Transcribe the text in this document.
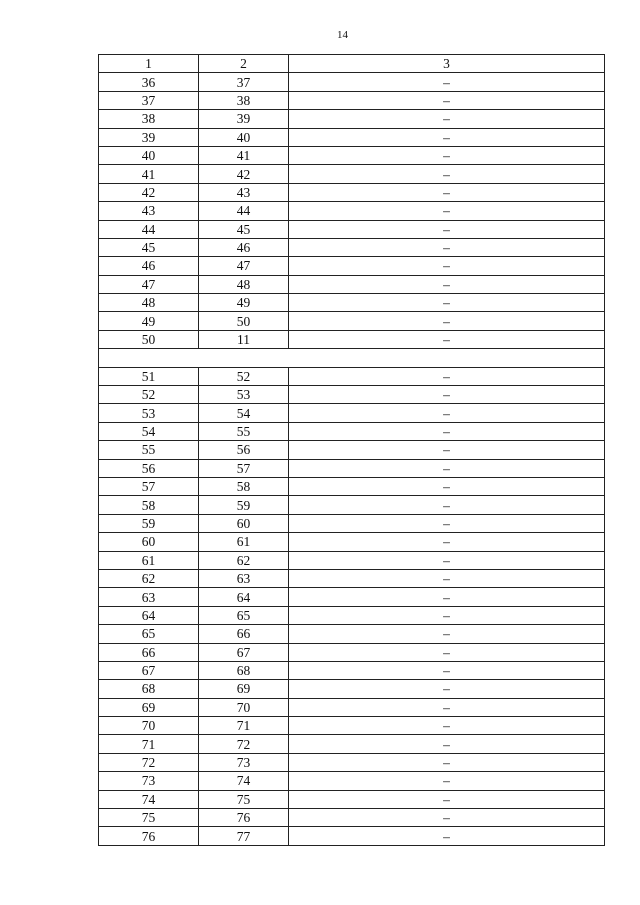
14
1	2	3
36	37	–
37	38	–
38	39	–
39	40	–
40	41	–
41	42	–
42	43	–
43	44	–
44	45	–
45	46	–
46	47	–
47	48	–
48	49	–
49	50	–
50	11	–

51	52	–
52	53	–
53	54	–
54	55	–
55	56	–
56	57	–
57	58	–
58	59	–
59	60	–
60	61	–
61	62	–
62	63	–
63	64	–
64	65	–
65	66	–
66	67	–
67	68	–
68	69	–
69	70	–
70	71	–
71	72	–
72	73	–
73	74	–
74	75	–
75	76	–
76	77	–
